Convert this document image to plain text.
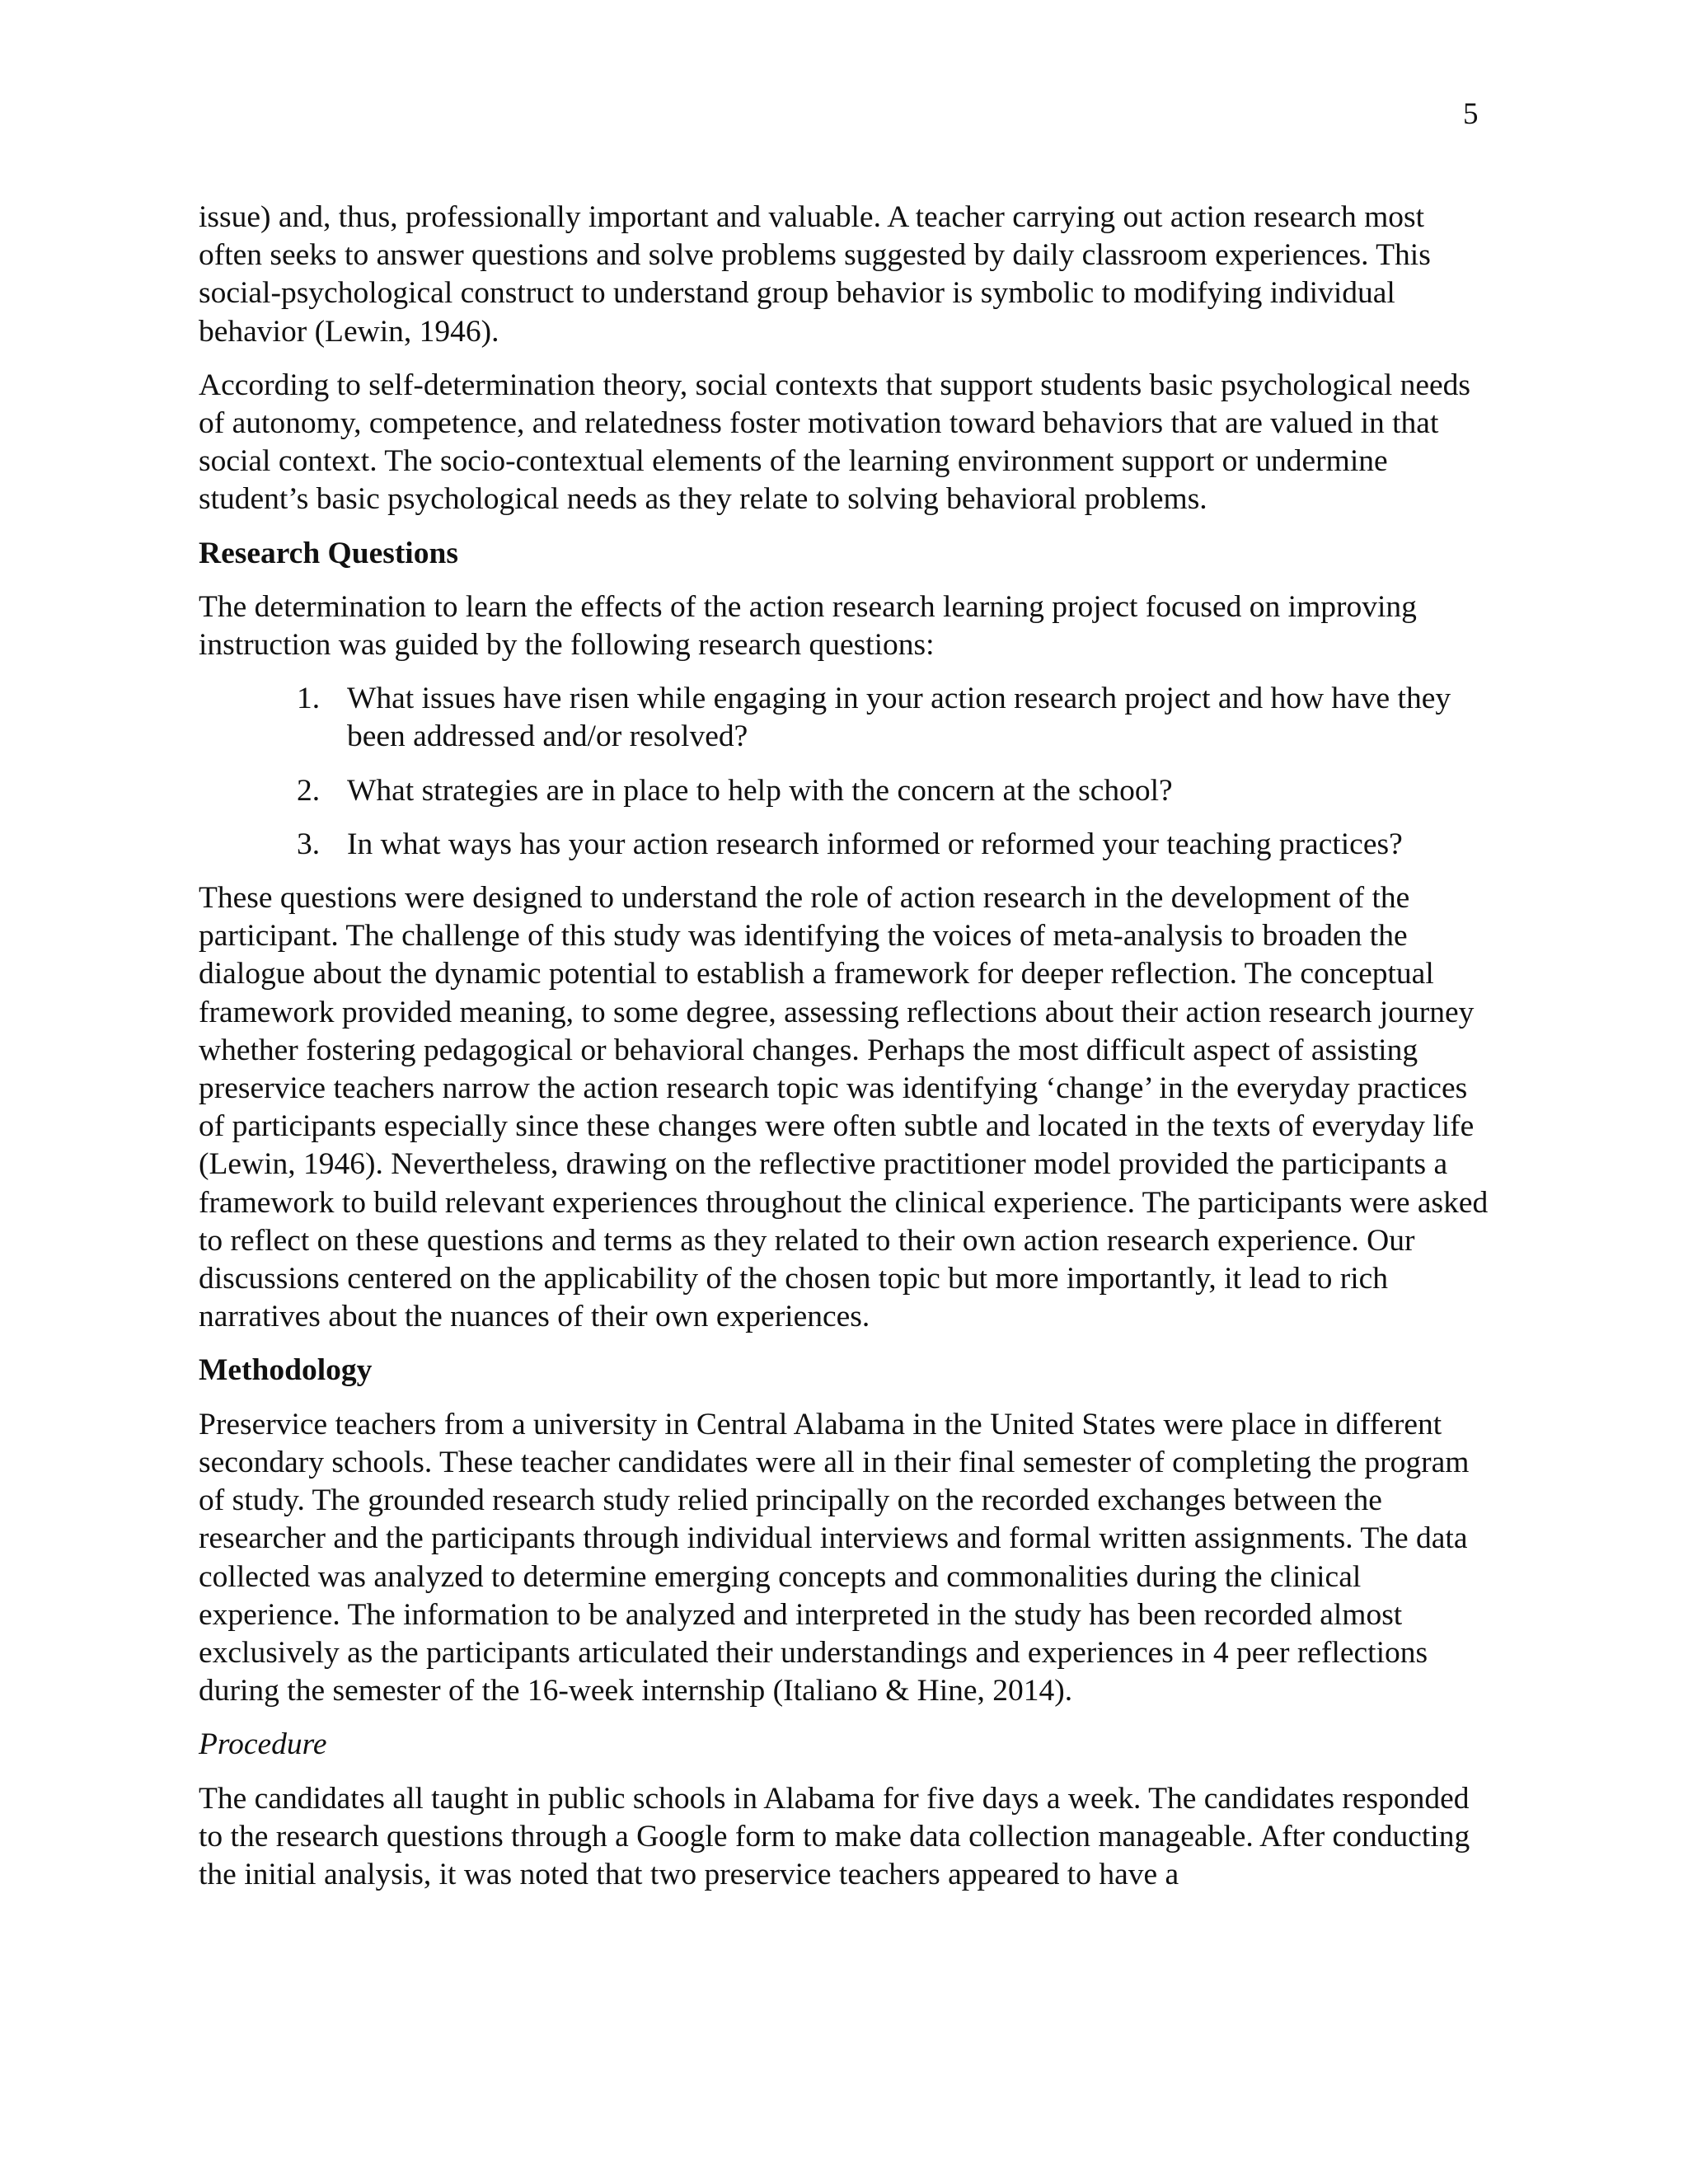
5

issue) and, thus, professionally important and valuable. A teacher carrying out action research most often seeks to answer questions and solve problems suggested by daily classroom experiences. This social-psychological construct to understand group behavior is symbolic to modifying individual behavior (Lewin, 1946).

According to self-determination theory, social contexts that support students basic psychological needs of autonomy, competence, and relatedness foster motivation toward behaviors that are valued in that social context. The socio-contextual elements of the learning environment support or undermine student’s basic psychological needs as they relate to solving behavioral problems.

Research Questions

The determination to learn the effects of the action research learning project focused on improving instruction was guided by the following research questions:

1. What issues have risen while engaging in your action research project and how have they been addressed and/or resolved?
2. What strategies are in place to help with the concern at the school?
3. In what ways has your action research informed or reformed your teaching practices?

These questions were designed to understand the role of action research in the development of the participant. The challenge of this study was identifying the voices of meta-analysis to broaden the dialogue about the dynamic potential to establish a framework for deeper reflection. The conceptual framework provided meaning, to some degree, assessing reflections about their action research journey whether fostering pedagogical or behavioral changes. Perhaps the most difficult aspect of assisting preservice teachers narrow the action research topic was identifying ‘change’ in the everyday practices of participants especially since these changes were often subtle and located in the texts of everyday life (Lewin, 1946). Nevertheless, drawing on the reflective practitioner model provided the participants a framework to build relevant experiences throughout the clinical experience. The participants were asked to reflect on these questions and terms as they related to their own action research experience. Our discussions centered on the applicability of the chosen topic but more importantly, it lead to rich narratives about the nuances of their own experiences.

Methodology

Preservice teachers from a university in Central Alabama in the United States were place in different secondary schools. These teacher candidates were all in their final semester of completing the program of study. The grounded research study relied principally on the recorded exchanges between the researcher and the participants through individual interviews and formal written assignments. The data collected was analyzed to determine emerging concepts and commonalities during the clinical experience. The information to be analyzed and interpreted in the study has been recorded almost exclusively as the participants articulated their understandings and experiences in 4 peer reflections during the semester of the 16-week internship (Italiano & Hine, 2014).

Procedure

The candidates all taught in public schools in Alabama for five days a week. The candidates responded to the research questions through a Google form to make data collection manageable. After conducting the initial analysis, it was noted that two preservice teachers appeared to have a
